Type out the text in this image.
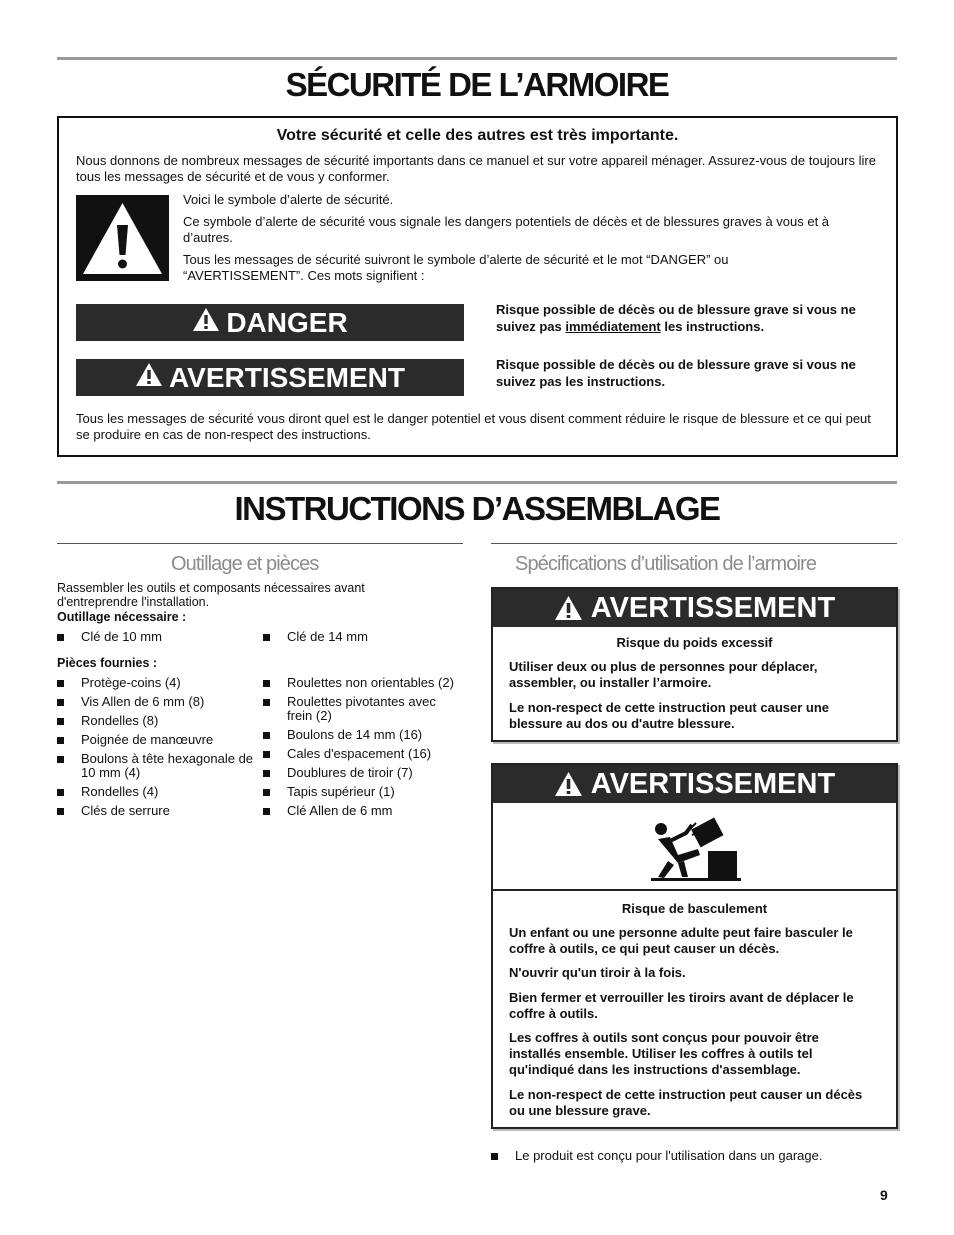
SÉCURITÉ DE L’ARMOIRE
Votre sécurité et celle des autres est très importante.
Nous donnons de nombreux messages de sécurité importants dans ce manuel et sur votre appareil ménager. Assurez-vous de toujours lire tous les messages de sécurité et de vous y conformer.
Voici le symbole d’alerte de sécurité.
Ce symbole d’alerte de sécurité vous signale les dangers potentiels de décès et de blessures graves à vous et à d’autres.
Tous les messages de sécurité suivront le symbole d’alerte de sécurité et le mot “DANGER” ou “AVERTISSEMENT”. Ces mots signifient :
DANGER	Risque possible de décès ou de blessure grave si vous ne suivez pas immédiatement les instructions.
AVERTISSEMENT	Risque possible de décès ou de blessure grave si vous ne suivez pas les instructions.
Tous les messages de sécurité vous diront quel est le danger potentiel et vous disent comment réduire le risque de blessure et ce qui peut se produire en cas de non-respect des instructions.
INSTRUCTIONS D’ASSEMBLAGE
Outillage et pièces
Rassembler les outils et composants nécessaires avant d'entreprendre l'installation.
Outillage nécessaire :
Clé de 10 mm	Clé de 14 mm
Pièces fournies :
Protège-coins (4)
Vis Allen de 6 mm (8)
Rondelles (8)
Poignée de manœuvre
Boulons à tête hexagonale de 10 mm (4)
Rondelles (4)
Clés de serrure
Roulettes non orientables (2)
Roulettes pivotantes avec frein (2)
Boulons de 14 mm (16)
Cales d'espacement (16)
Doublures de tiroir (7)
Tapis supérieur (1)
Clé Allen de 6 mm
Spécifications d’utilisation de l’armoire
AVERTISSEMENT
Risque du poids excessif
Utiliser deux ou plus de personnes pour déplacer, assembler, ou installer l’armoire.
Le non-respect de cette instruction peut causer une blessure au dos ou d'autre blessure.
AVERTISSEMENT
Risque de basculement
Un enfant ou une personne adulte peut faire basculer le coffre à outils, ce qui peut causer un décès.
N'ouvrir qu'un tiroir à la fois.
Bien fermer et verrouiller les tiroirs avant de déplacer le coffre à outils.
Les coffres à outils sont conçus pour pouvoir être installés ensemble. Utiliser les coffres à outils tel qu'indiqué dans les instructions d'assemblage.
Le non-respect de cette instruction peut causer un décès ou une blessure grave.
Le produit est conçu pour l'utilisation dans un garage.
9
